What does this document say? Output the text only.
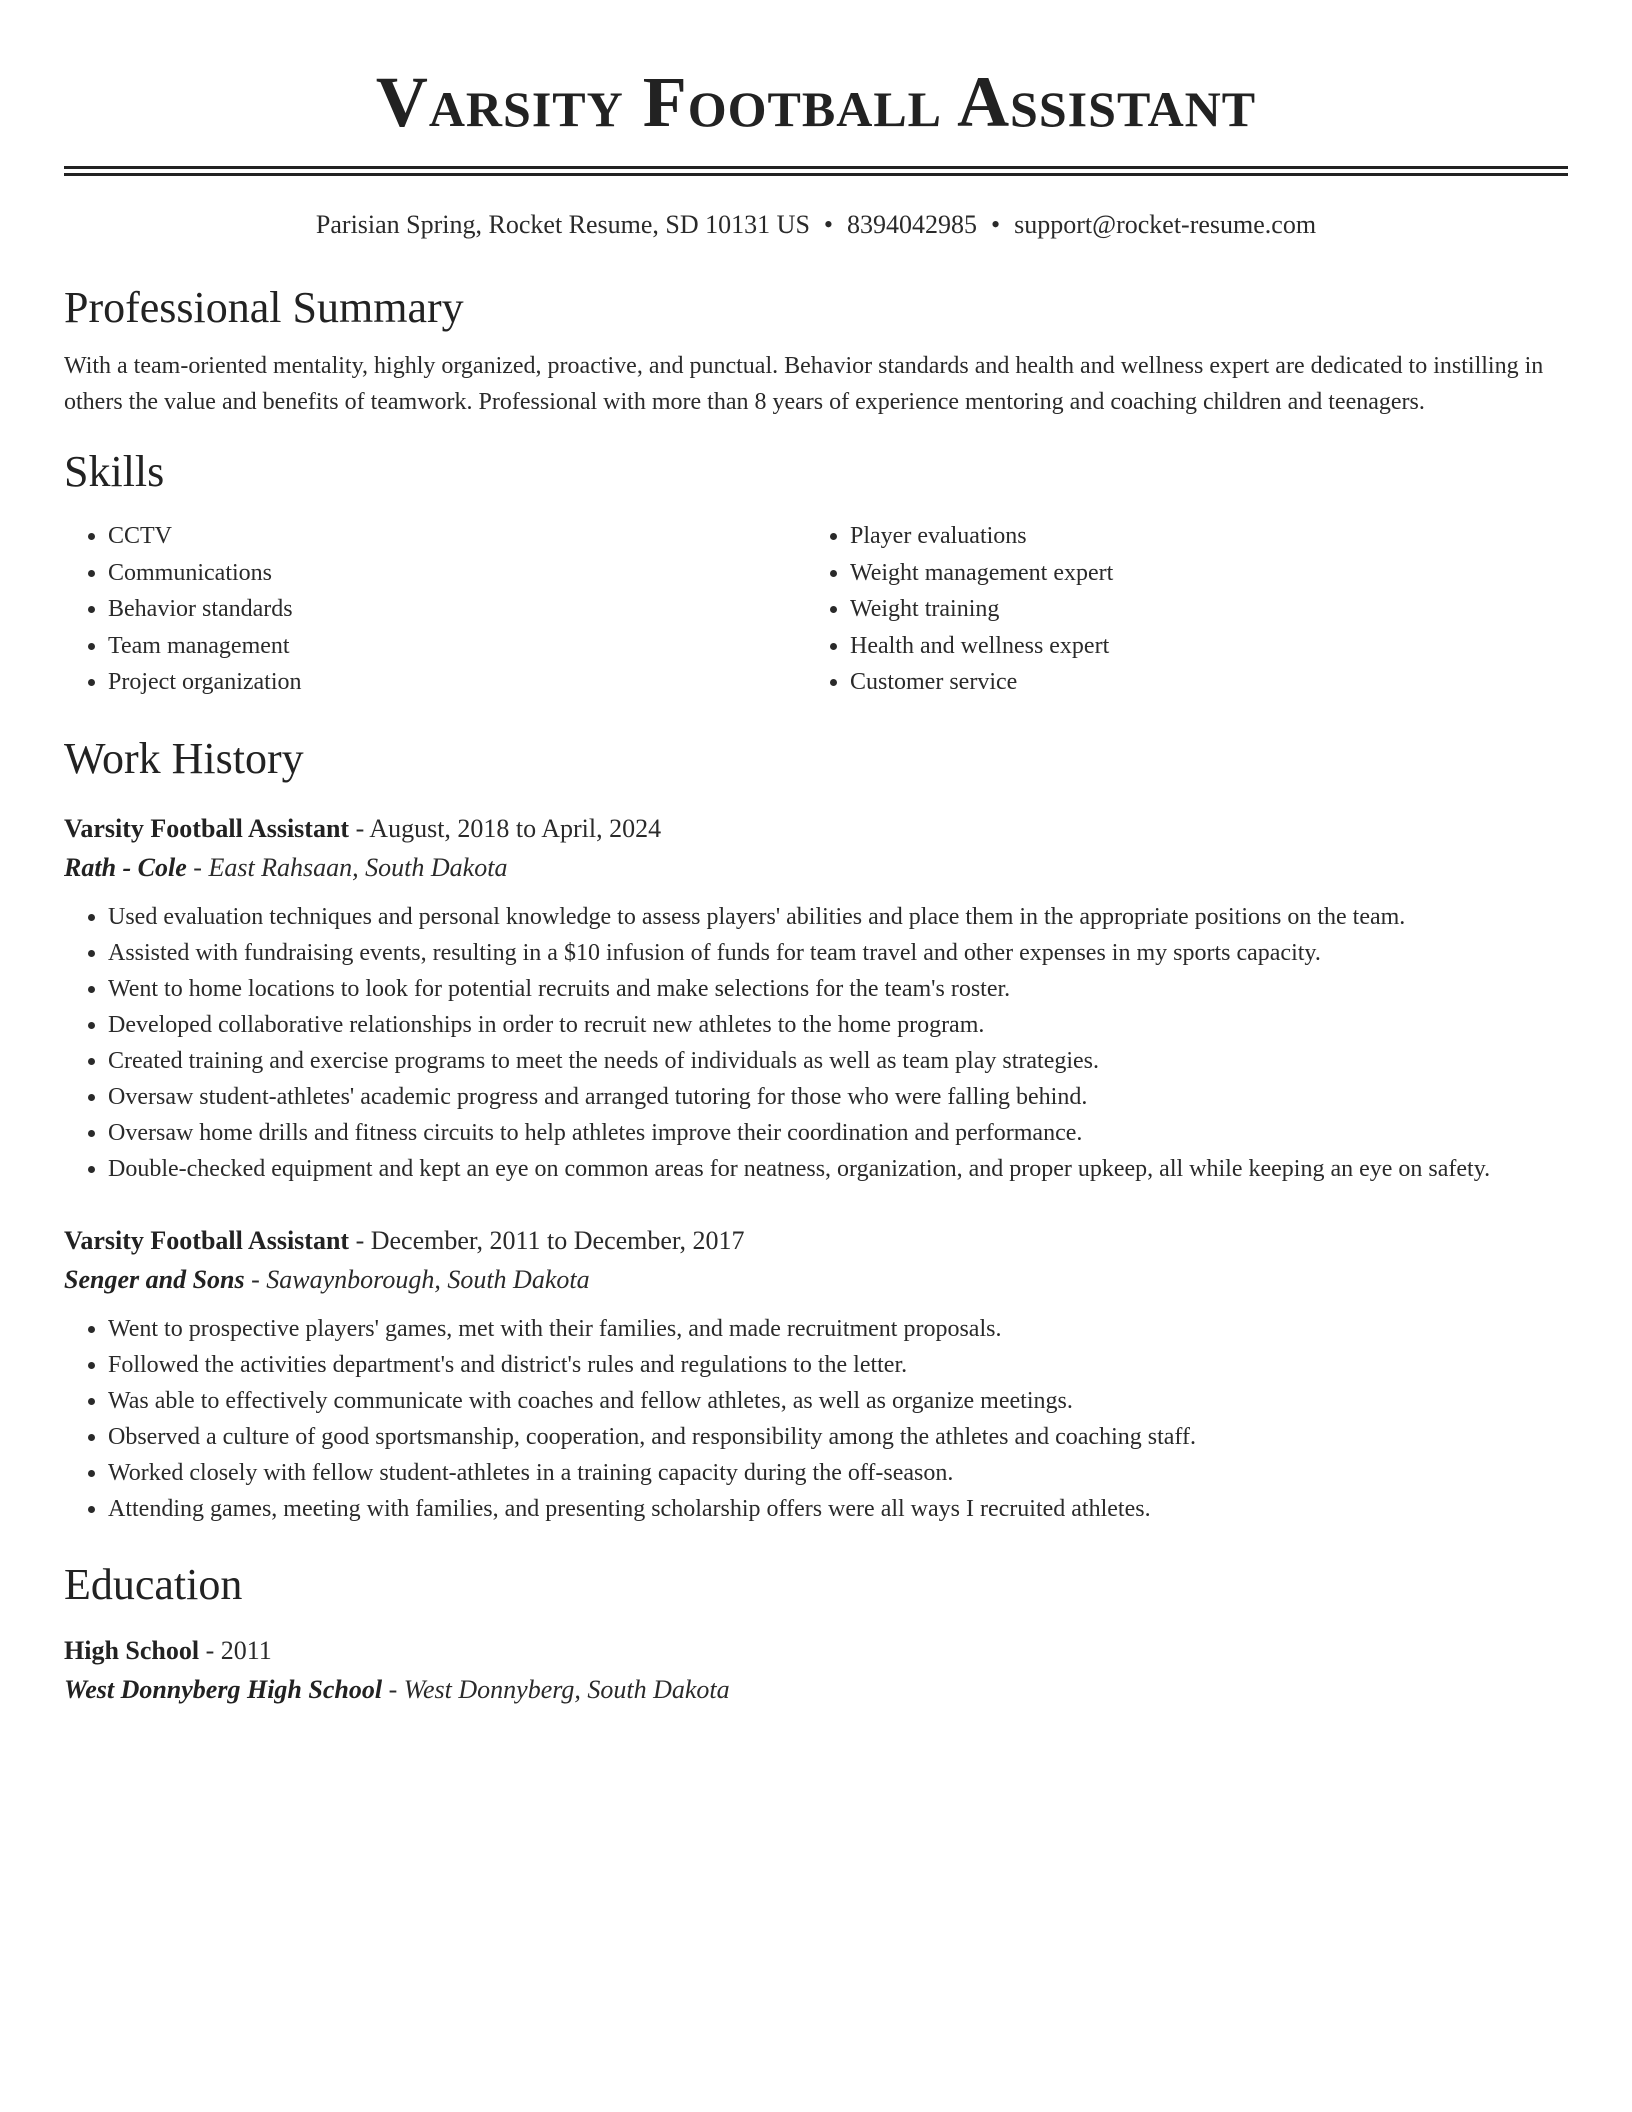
Varsity Football Assistant
Parisian Spring, Rocket Resume, SD 10131 US • 8394042985 • support@rocket-resume.com
Professional Summary
With a team-oriented mentality, highly organized, proactive, and punctual. Behavior standards and health and wellness expert are dedicated to instilling in others the value and benefits of teamwork. Professional with more than 8 years of experience mentoring and coaching children and teenagers.
Skills
• CCTV
• Communications
• Behavior standards
• Team management
• Project organization
• Player evaluations
• Weight management expert
• Weight training
• Health and wellness expert
• Customer service
Work History
Varsity Football Assistant - August, 2018 to April, 2024
Rath - Cole - East Rahsaan, South Dakota
• Used evaluation techniques and personal knowledge to assess players' abilities and place them in the appropriate positions on the team.
• Assisted with fundraising events, resulting in a $10 infusion of funds for team travel and other expenses in my sports capacity.
• Went to home locations to look for potential recruits and make selections for the team's roster.
• Developed collaborative relationships in order to recruit new athletes to the home program.
• Created training and exercise programs to meet the needs of individuals as well as team play strategies.
• Oversaw student-athletes' academic progress and arranged tutoring for those who were falling behind.
• Oversaw home drills and fitness circuits to help athletes improve their coordination and performance.
• Double-checked equipment and kept an eye on common areas for neatness, organization, and proper upkeep, all while keeping an eye on safety.
Varsity Football Assistant - December, 2011 to December, 2017
Senger and Sons - Sawaynborough, South Dakota
• Went to prospective players' games, met with their families, and made recruitment proposals.
• Followed the activities department's and district's rules and regulations to the letter.
• Was able to effectively communicate with coaches and fellow athletes, as well as organize meetings.
• Observed a culture of good sportsmanship, cooperation, and responsibility among the athletes and coaching staff.
• Worked closely with fellow student-athletes in a training capacity during the off-season.
• Attending games, meeting with families, and presenting scholarship offers were all ways I recruited athletes.
Education
High School - 2011
West Donnyberg High School - West Donnyberg, South Dakota
